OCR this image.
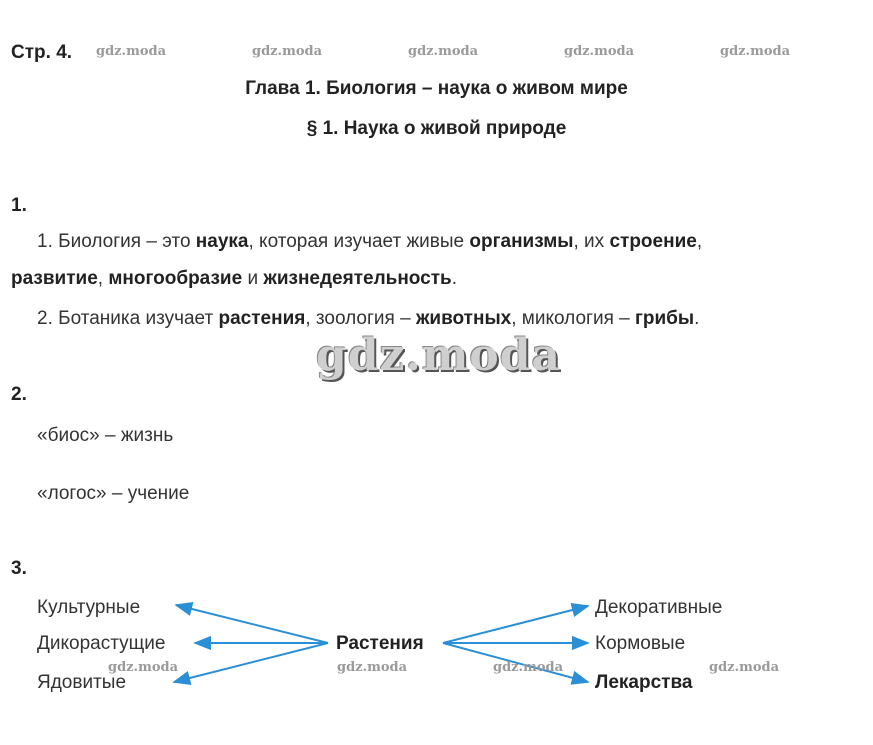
Стр. 4. gdz.moda	gdz.moda	gdz.moda	gdz.moda	gdz.moda
Глава 1. Биология – наука о живом мире
§ 1. Наука о живой природе
1.
1. Биология – это наука, которая изучает живые организмы, их строение,
развитие, многообразие и жизнедеятельность.
2. Ботаника изучает растения, зоология – животных, микология – грибы.
gdz.moda
2.
«биос» – жизнь
«логос» – учение
3.
Культурные
Дикорастущие
Ядовитые
Растения
Декоративные
Кормовые
Лекарства
gdz.moda	gdz.moda	gdz.moda	gdz.moda
